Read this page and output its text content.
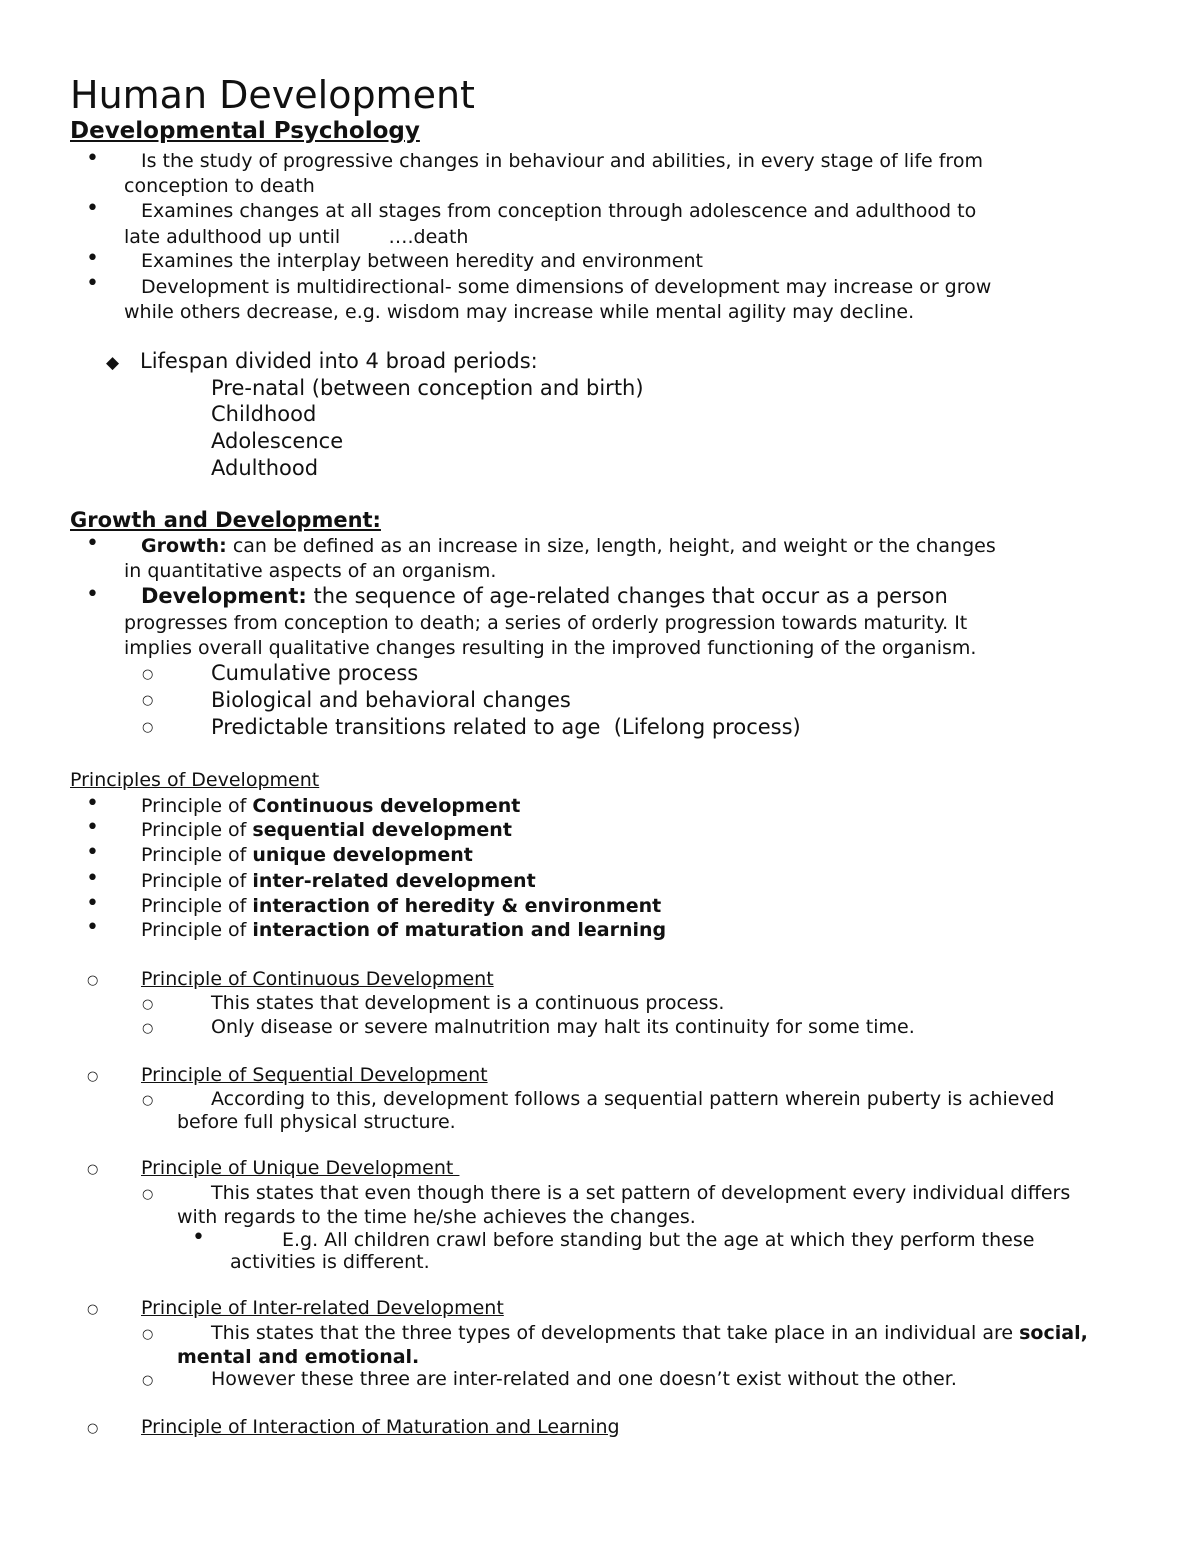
Human Development
Developmental Psychology
• Is the study of progressive changes in behaviour and abilities, in every stage of life from
conception to death
• Examines changes at all stages from conception through adolescence and adulthood to
late adulthood up until        ….death
• Examines the interplay between heredity and environment
• Development is multidirectional- some dimensions of development may increase or grow
while others decrease, e.g. wisdom may increase while mental agility may decline.
◆ Lifespan divided into 4 broad periods:
Pre-natal (between conception and birth)
Childhood
Adolescence
Adulthood
Growth and Development:
• Growth: can be defined as an increase in size, length, height, and weight or the changes
in quantitative aspects of an organism.
• Development: the sequence of age-related changes that occur as a person
progresses from conception to death; a series of orderly progression towards maturity. It
implies overall qualitative changes resulting in the improved functioning of the organism.
○	Cumulative process
○	Biological and behavioral changes
○	Predictable transitions related to age  (Lifelong process)
Principles of Development
• Principle of Continuous development
• Principle of sequential development
• Principle of unique development
• Principle of inter-related development
• Principle of interaction of heredity & environment
• Principle of interaction of maturation and learning
○ Principle of Continuous Development
○	This states that development is a continuous process.
○	Only disease or severe malnutrition may halt its continuity for some time.
○ Principle of Sequential Development
○	According to this, development follows a sequential pattern wherein puberty is achieved
before full physical structure.
○ Principle of Unique Development
○	This states that even though there is a set pattern of development every individual differs
with regards to the time he/she achieves the changes.
•	E.g. All children crawl before standing but the age at which they perform these
activities is different.
○ Principle of Inter-related Development
○	This states that the three types of developments that take place in an individual are social,
mental and emotional.
○	However these three are inter-related and one doesn’t exist without the other.
○ Principle of Interaction of Maturation and Learning
